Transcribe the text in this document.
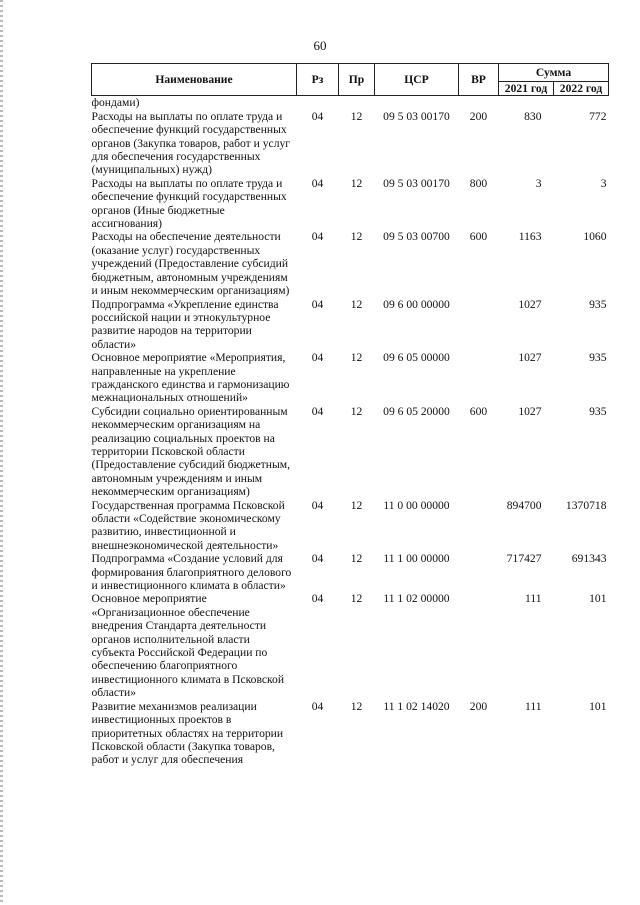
60
Наименование	Рз	Пр	ЦСР	ВР	Сумма	
					2021 год	2022 год
фондами)						
Расходы на выплаты по оплате труда и обеспечение функций государственных органов (Закупка товаров, работ и услуг для обеспечения государственных (муниципальных) нужд)	04	12	09 5 03 00170	200	830	772
Расходы на выплаты по оплате труда и обеспечение функций государственных органов (Иные бюджетные ассигнования)	04	12	09 5 03 00170	800	3	3
Расходы на обеспечение деятельности (оказание услуг) государственных учреждений (Предоставление субсидий бюджетным, автономным учреждениям и иным некоммерческим организациям)	04	12	09 5 03 00700	600	1163	1060
Подпрограмма «Укрепление единства российской нации и этнокультурное развитие народов на территории области»	04	12	09 6 00 00000		1027	935
Основное мероприятие «Мероприятия, направленные на укрепление гражданского единства и гармонизацию межнациональных отношений»	04	12	09 6 05 00000		1027	935
Субсидии социально ориентированным некоммерческим организациям на реализацию социальных проектов на территории Псковской области (Предоставление субсидий бюджетным, автономным учреждениям и иным некоммерческим организациям)	04	12	09 6 05 20000	600	1027	935
Государственная программа Псковской области «Содействие экономическому развитию, инвестиционной и внешнеэкономической деятельности»	04	12	11 0 00 00000		894700	1370718
Подпрограмма «Создание условий для формирования благоприятного делового и инвестиционного климата в области»	04	12	11 1 00 00000		717427	691343
Основное мероприятие «Организационное обеспечение внедрения Стандарта деятельности органов исполнительной власти субъекта Российской Федерации по обеспечению благоприятного инвестиционного климата в Псковской области»	04	12	11 1 02 00000		111	101
Развитие механизмов реализации инвестиционных проектов в приоритетных областях на территории Псковской области (Закупка товаров, работ и услуг для обеспечения	04	12	11 1 02 14020	200	111	101
